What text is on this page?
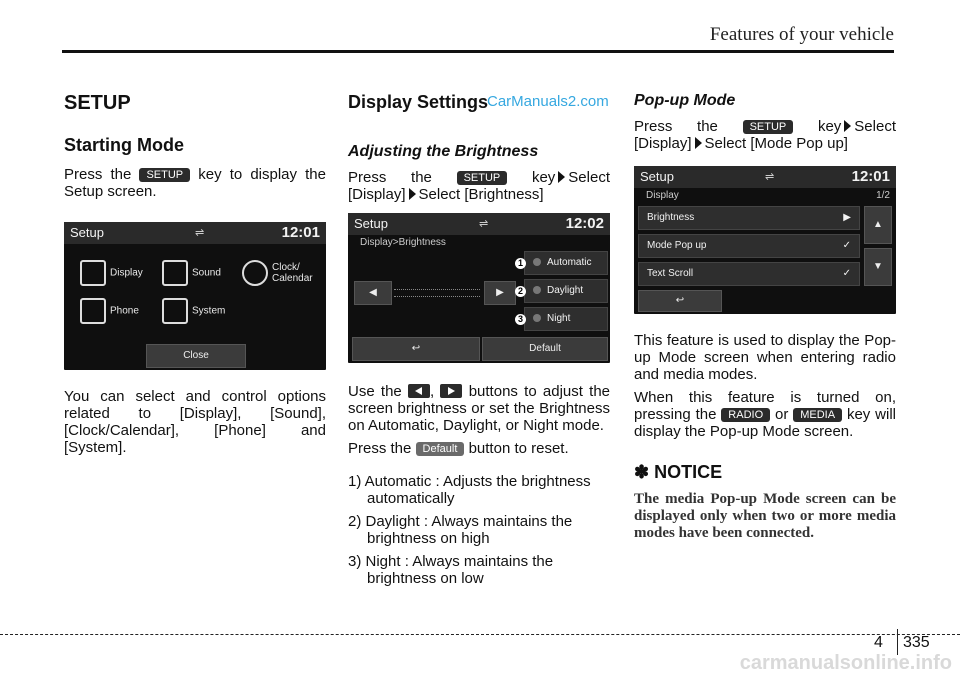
Features of your vehicle
SETUP
Starting Mode

Press the SETUP key to display the Setup screen.

Setup	⇌	12:01
Display	Sound
Clock/ Calendar
Phone	System
Close

You can select and control options related to [Display], [Sound], [Clock/Calendar], [Phone] and [System].

CarManuals2.com
Display Settings
Adjusting the Brightness

Press the	SETUP key Select [Display] Select [Brightness]

Setup	⇌	12:02
Display>Brightness
◀	▶
Automatic
Daylight
Night
1
2
3
↩	Default

Use the , buttons to adjust the screen brightness or set the Brightness on Automatic, Daylight, or Night mode.

Press the Default button to reset.

1) Automatic : Adjusts the brightness automatically
2) Daylight : Always maintains the brightness on high
3) Night : Always maintains the brightness on low
Pop-up Mode

Press the	SETUP key Select [Display] Select [Mode Pop up]

Setup	⇌	12:01
Display	1/2
Brightness	▶
Mode Pop up	✓
Text Scroll	✓
▲
▼
↩

This feature is used to display the Pop-up Mode screen when entering radio and media modes.

When this feature is turned on, pressing the RADIO or MEDIA key will display the Pop-up Mode screen.

✽ NOTICE

The media Pop-up Mode screen can be displayed only when two or more media modes have been connected.

4 335
carmanualsonline.info
